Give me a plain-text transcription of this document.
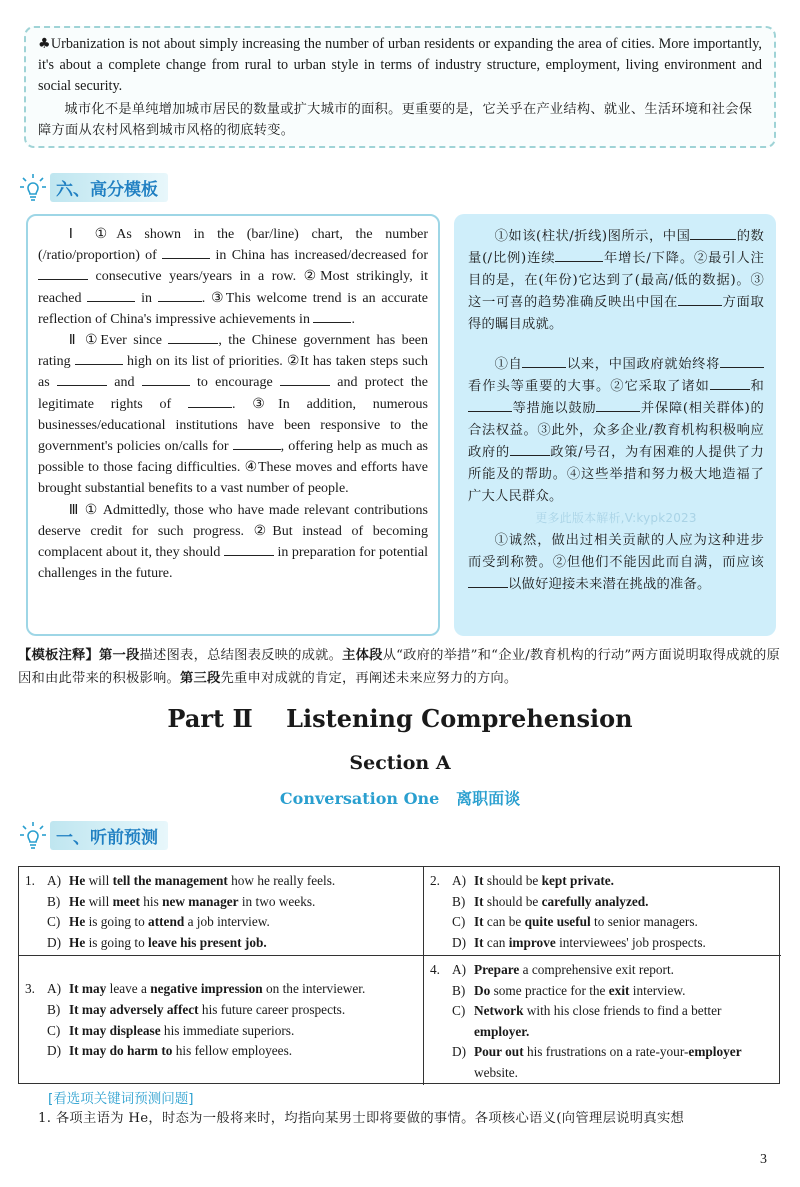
♣Urbanization is not about simply increasing the number of urban residents or expanding the area of cities. More importantly, it's about a complete change from rural to urban style in terms of industry structure, employment, living environment and social security.
城市化不是单纯增加城市居民的数量或扩大城市的面积。更重要的是，它关乎在产业结构、就业、生活环境和社会保障方面从农村风格到城市风格的彻底转变。
六、高分模板

Ⅰ ①As shown in the (bar/line) chart, the number (/ratio/proportion) of	in China has increased/decreased for  consecutive years/years in a row. ②Most strikingly, it reached	in	. ③This welcome trend is an accurate reflection of China's impressive achievements in	.

Ⅱ ①Ever since	, the Chinese government has been rating	high on its list of priorities. ②It has taken steps such as	and	to encourage	and protect the legitimate rights of	. ③In addition, numerous businesses/educational institutions have been responsive to the government's policies on/calls for	, offering help as much as possible to those facing difficulties. ④These moves and efforts have brought substantial benefits to a vast number of people.

Ⅲ ① Admittedly, those who have made relevant contributions deserve credit for such progress. ②But instead of becoming complacent about it, they should	in preparation for potential challenges in the future.

①如该(柱状/折线)图所示，中国	的数量(/比例)连续	年增长/下降。②最引人注目的是，在(年份)它达到了(最高/低的数据)。③这一可喜的趋势准确反映出中国在	方面取得的瞩目成就。

①自	以来，中国政府就始终将看作头等重要的大事。②它采取了诸如	和等措施以鼓励	并保障(相关群体)的合法权益。③此外，众多企业/教育机构积极响应政府的	政策/号召，为有困难的人提供了力所能及的帮助。④这些举措和努力极大地造福了广大人民群众。

更多此版本解析,V:kypk2023

①诚然，做出过相关贡献的人应为这种进步而受到称赞。②但他们不能因此而自满，而应该以做好迎接未来潜在挑战的准备。

【模板注释】第一段描述图表，总结图表反映的成就。主体段从“政府的举措”和“企业/教育机构的行动”两方面说明取得成就的原因和由此带来的积极影响。第三段先重申对成就的肯定，再阐述未来应努力的方向。
Part Ⅱ    Listening Comprehension
Section A
Conversation One 离职面谈
一、听前预测
1. A) He will tell the management how he really feels.
B) He will meet his new manager in two weeks.
C) He is going to attend a job interview.
D) He is going to leave his present job.
2. A) It should be kept private.
B) It should be carefully analyzed.
C) It can be quite useful to senior managers.
D) It can improve interviewees' job prospects.
3. A) It may leave a negative impression on the interviewer.
B) It may adversely affect his future career prospects.
C) It may displease his immediate superiors.
D) It may do harm to his fellow employees.
4. A) Prepare a comprehensive exit report.
B) Do some practice for the exit interview.
C) Network with his close friends to find a better employer.
D) Pour out his frustrations on a rate-your-employer website.
[看选项关键词预测问题]
1. 各项主语为 He，时态为一般将来时，均指向某男士即将要做的事情。各项核心语义(向管理层说明真实想
3
